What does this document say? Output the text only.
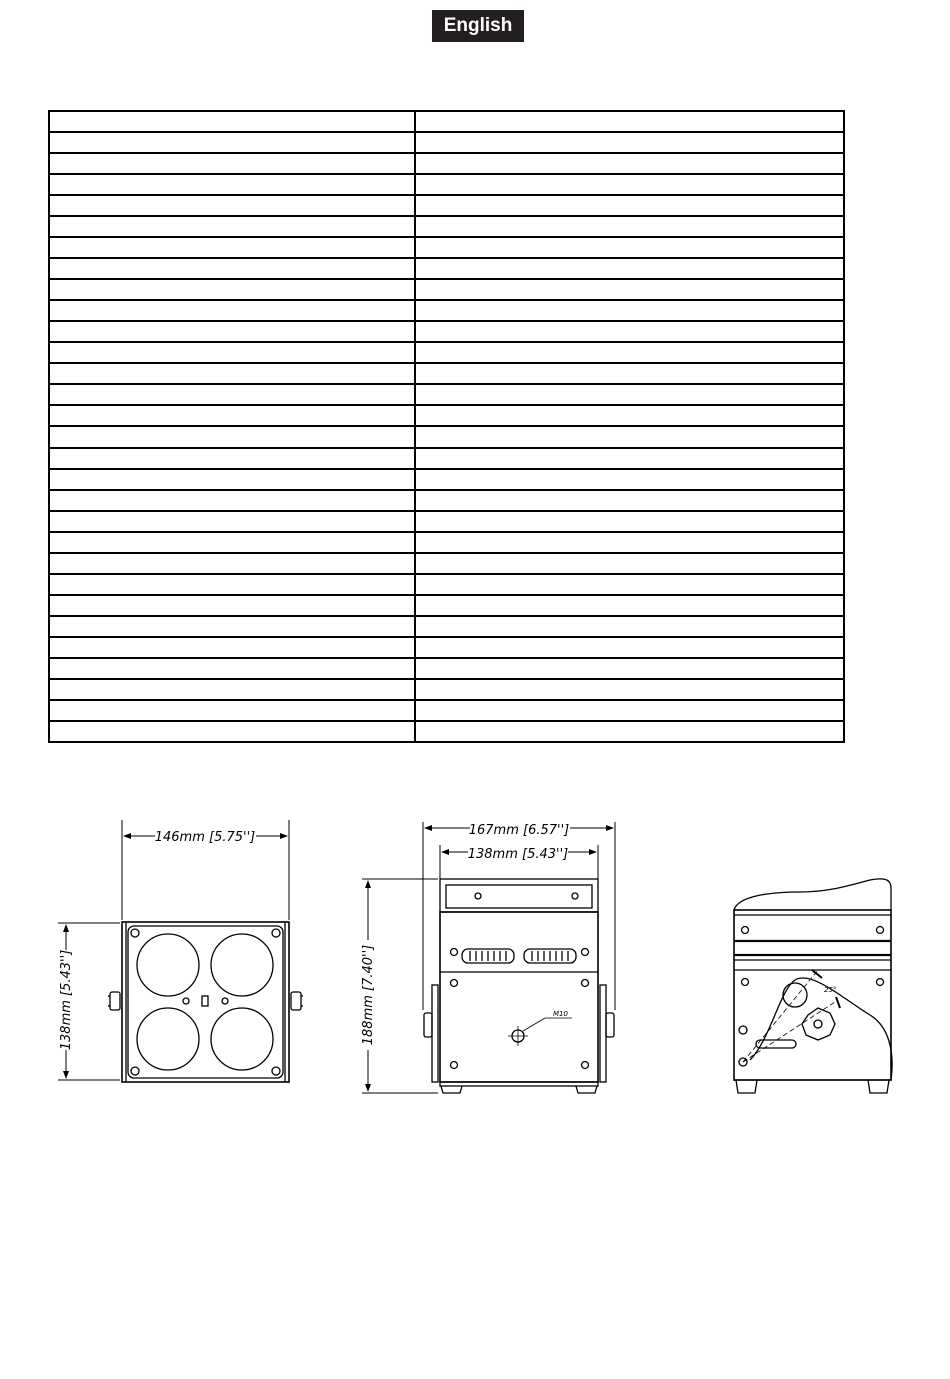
English

146mm [5.75'']
138mm [5.43'']
167mm [6.57'']
138mm [5.43'']
188mm [7.40'']	M10
25°
